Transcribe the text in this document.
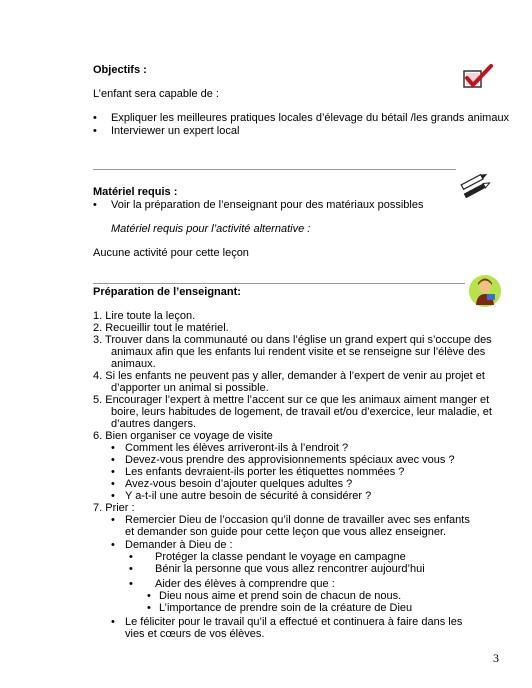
Objectifs :
L’enfant sera capable de :
• Expliquer les meilleures pratiques locales d’élevage du bétail /les grands animaux
• Interviewer un expert local
Matériel requis :
• Voir la préparation de l’enseignant pour des matériaux possibles
Matériel requis pour l’activité alternative :
Aucune activité pour cette leçon
Préparation de l’enseignant:
1. Lire toute la leçon.
2. Recueillir tout le matériel.
3. Trouver dans la communauté ou dans l’église un grand expert qui s’occupe des
animaux afin que les enfants lui rendent visite et se renseigne sur l’élève des
animaux.
4. Si les enfants ne peuvent pas y aller, demander à l’expert de venir au projet et
d’apporter un animal si possible.
5. Encourager l’expert à mettre l’accent sur ce que les animaux aiment manger et
boire, leurs habitudes de logement, de travail et/ou d’exercice, leur maladie, et
d’autres dangers.
6. Bien organiser ce voyage de visite
• Comment les élèves arriveront-ils à l’endroit ?
• Devez-vous prendre des approvisionnements spéciaux avec vous ?
• Les enfants devraient-ils porter les étiquettes nommées ?
• Avez-vous besoin d’ajouter quelques adultes ?
• Y a-t-il une autre besoin de sécurité à considérer ?
7. Prier :
• Remercier Dieu de l’occasion qu’il donne de travailler avec ses enfants
et demander son guide pour cette leçon que vous allez enseigner.
• Demander à Dieu de :
• Protéger la classe pendant le voyage en campagne
• Bénir la personne que vous allez rencontrer aujourd’hui
• Aider des élèves à comprendre que :
• Dieu nous aime et prend soin de chacun de nous.
• L’importance de prendre soin de la créature de Dieu
• Le féliciter pour le travail qu’il a effectué et continuera à faire dans les
vies et cœurs de vos élèves.
3
